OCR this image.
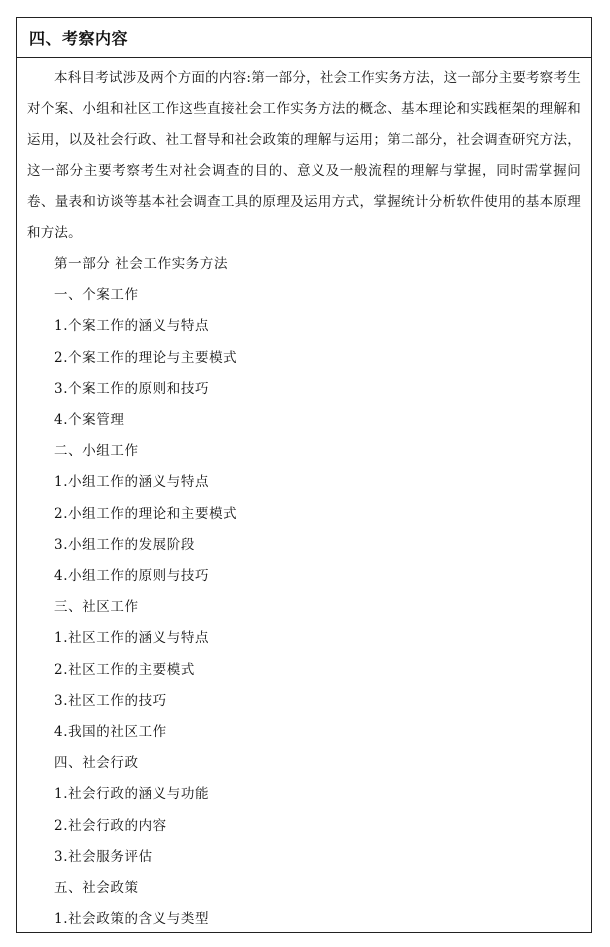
四、考察内容

本科目考试涉及两个方面的内容:第一部分，社会工作实务方法，这一部分主要考察考生对个案、小组和社区工作这些直接社会工作实务方法的概念、基本理论和实践框架的理解和运用，以及社会行政、社工督导和社会政策的理解与运用；第二部分，社会调查研究方法，这一部分主要考察考生对社会调查的目的、意义及一般流程的理解与掌握，同时需掌握问卷、量表和访谈等基本社会调查工具的原理及运用方式，掌握统计分析软件使用的基本原理和方法。

第一部分 社会工作实务方法
一、个案工作
1.个案工作的涵义与特点
2.个案工作的理论与主要模式
3.个案工作的原则和技巧
4.个案管理
二、小组工作
1.小组工作的涵义与特点
2.小组工作的理论和主要模式
3.小组工作的发展阶段
4.小组工作的原则与技巧
三、社区工作
1.社区工作的涵义与特点
2.社区工作的主要模式
3.社区工作的技巧
4.我国的社区工作
四、社会行政
1.社会行政的涵义与功能
2.社会行政的内容
3.社会服务评估
五、社会政策
1.社会政策的含义与类型
